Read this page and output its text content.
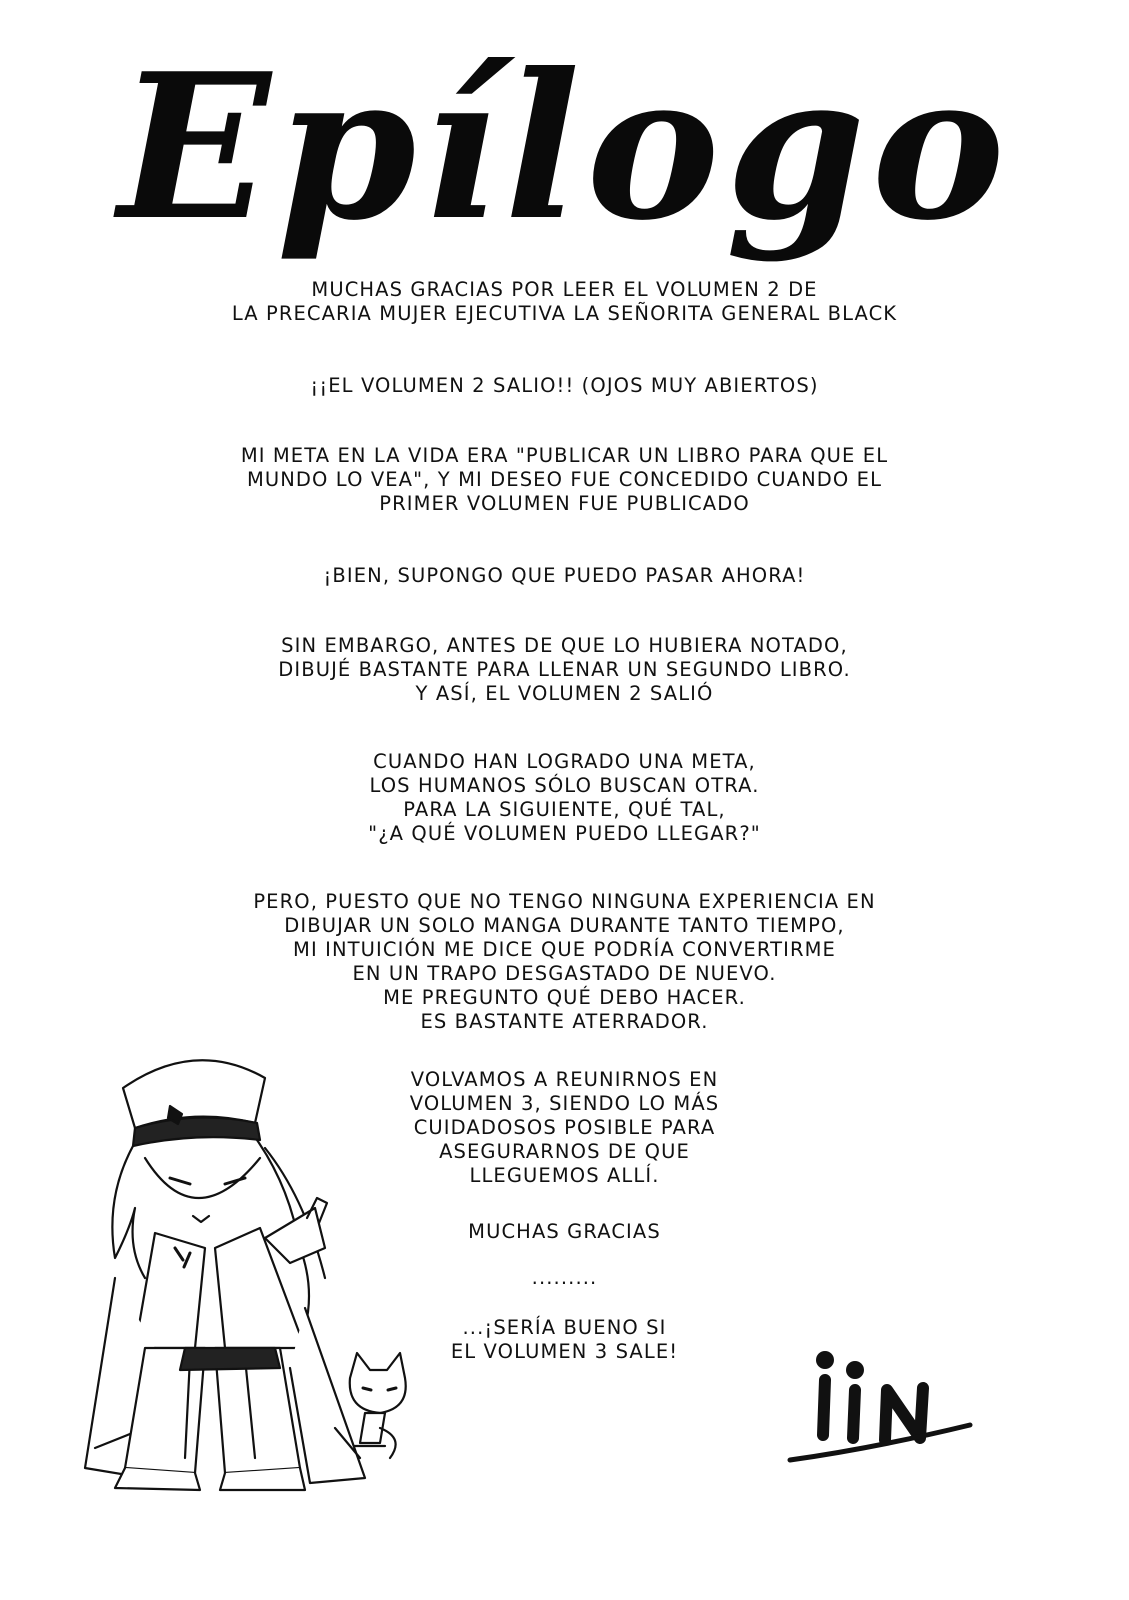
Epílogo

MUCHAS GRACIAS POR LEER EL VOLUMEN 2 DE
LA PRECARIA MUJER EJECUTIVA LA SEÑORITA GENERAL BLACK

¡¡EL VOLUMEN 2 SALIO!! (OJOS MUY ABIERTOS)

MI META EN LA VIDA ERA "PUBLICAR UN LIBRO PARA QUE EL
MUNDO LO VEA", Y MI DESEO FUE CONCEDIDO CUANDO EL
PRIMER VOLUMEN FUE PUBLICADO

¡BIEN, SUPONGO QUE PUEDO PASAR AHORA!

SIN EMBARGO, ANTES DE QUE LO HUBIERA NOTADO,
DIBUJÉ BASTANTE PARA LLENAR UN SEGUNDO LIBRO.
Y ASÍ, EL VOLUMEN 2 SALIÓ

CUANDO HAN LOGRADO UNA META,
LOS HUMANOS SÓLO BUSCAN OTRA.
PARA LA SIGUIENTE, QUÉ TAL,
"¿A QUÉ VOLUMEN PUEDO LLEGAR?"

PERO, PUESTO QUE NO TENGO NINGUNA EXPERIENCIA EN
DIBUJAR UN SOLO MANGA DURANTE TANTO TIEMPO,
MI INTUICIÓN ME DICE QUE PODRÍA CONVERTIRME
EN UN TRAPO DESGASTADO DE NUEVO.
ME PREGUNTO QUÉ DEBO HACER.
ES BASTANTE ATERRADOR.

VOLVAMOS A REUNIRNOS EN
VOLUMEN 3, SIENDO LO MÁS
CUIDADOSOS POSIBLE PARA
ASEGURARNOS DE QUE
LLEGUEMOS ALLÍ.

MUCHAS GRACIAS

.........

...¡SERÍA BUENO SI
EL VOLUMEN 3 SALE!
